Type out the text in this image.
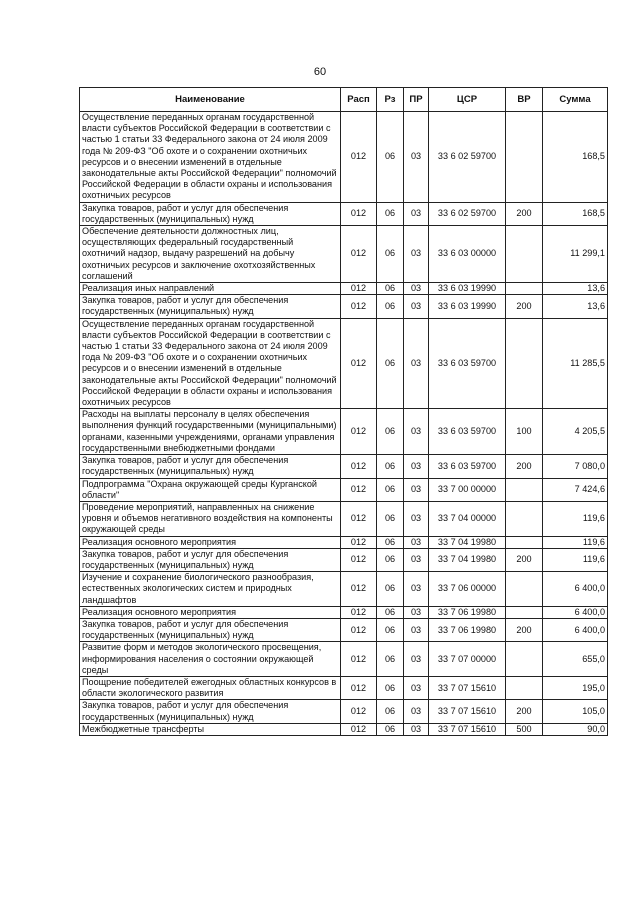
60
Наименование	Расп	Рз	ПР	ЦСР	ВР	Сумма
Осуществление переданных органам государственной власти субъектов Российской Федерации в соответствии с частью 1 статьи 33 Федерального закона от 24 июля 2009 года № 209-ФЗ "Об охоте и о сохранении охотничьих ресурсов и о внесении изменений в отдельные законодательные акты Российской Федерации" полномочий Российской Федерации в области охраны и использования охотничьих ресурсов	012	06	03	33 6 02 59700		168,5
Закупка товаров, работ и услуг для обеспечения государственных (муниципальных) нужд	012	06	03	33 6 02 59700	200	168,5
Обеспечение деятельности должностных лиц, осуществляющих федеральный государственный охотничий надзор, выдачу разрешений на добычу охотничьих ресурсов и заключение охотхозяйственных соглашений	012	06	03	33 6 03 00000		11 299,1
Реализация иных направлений	012	06	03	33 6 03 19990		13,6
Закупка товаров, работ и услуг для обеспечения государственных (муниципальных) нужд	012	06	03	33 6 03 19990	200	13,6
Осуществление переданных органам государственной власти субъектов Российской Федерации в соответствии с частью 1 статьи 33 Федерального закона от 24 июля 2009 года № 209-ФЗ "Об охоте и о сохранении охотничьих ресурсов и о внесении изменений в отдельные законодательные акты Российской Федерации" полномочий Российской Федерации в области охраны и использования охотничьих ресурсов	012	06	03	33 6 03 59700		11 285,5
Расходы на выплаты персоналу в целях обеспечения выполнения функций государственными (муниципальными) органами, казенными учреждениями, органами управления государственными внебюджетными фондами	012	06	03	33 6 03 59700	100	4 205,5
Закупка товаров, работ и услуг для обеспечения государственных (муниципальных) нужд	012	06	03	33 6 03 59700	200	7 080,0
Подпрограмма "Охрана окружающей среды Курганской области"	012	06	03	33 7 00 00000		7 424,6
Проведение мероприятий, направленных на снижение уровня и объемов негативного воздействия на компоненты окружающей среды	012	06	03	33 7 04 00000		119,6
Реализация основного мероприятия	012	06	03	33 7 04 19980		119,6
Закупка товаров, работ и услуг для обеспечения государственных (муниципальных) нужд	012	06	03	33 7 04 19980	200	119,6
Изучение и сохранение биологического разнообразия, естественных экологических систем и природных ландшафтов	012	06	03	33 7 06 00000		6 400,0
Реализация основного мероприятия	012	06	03	33 7 06 19980		6 400,0
Закупка товаров, работ и услуг для обеспечения государственных (муниципальных) нужд	012	06	03	33 7 06 19980	200	6 400,0
Развитие форм и методов экологического просвещения, информирования населения о состоянии окружающей среды	012	06	03	33 7 07 00000		655,0
Поощрение победителей ежегодных областных конкурсов в области экологического развития	012	06	03	33 7 07 15610		195,0
Закупка товаров, работ и услуг для обеспечения государственных (муниципальных) нужд	012	06	03	33 7 07 15610	200	105,0
Межбюджетные трансферты	012	06	03	33 7 07 15610	500	90,0
